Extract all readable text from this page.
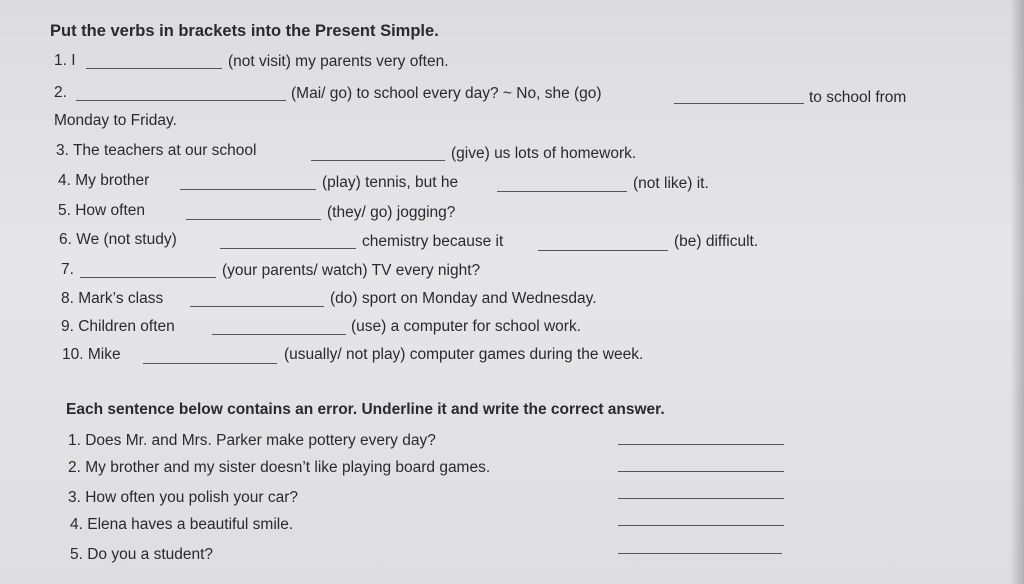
Put the verbs in brackets into the Present Simple.
1. I	(not visit) my parents very often.
2.	(Mai/ go) to school every day? ~ No, she (go)	to school from
Monday to Friday.
3. The teachers at our school	(give) us lots of homework.
4. My brother	(play) tennis, but he	(not like) it.
5. How often	(they/ go) jogging?
6. We (not study)	chemistry because it	(be) difficult.
7.	(your parents/ watch) TV every night?
8. Mark’s class	(do) sport on Monday and Wednesday.
9. Children often	(use) a computer for school work.
10. Mike	(usually/ not play) computer games during the week.
Each sentence below contains an error. Underline it and write the correct answer.
1. Does Mr. and Mrs. Parker make pottery every day?
2. My brother and my sister doesn’t like playing board games.
3. How often you polish your car?
4. Elena haves a beautiful smile.
5. Do you a student?
